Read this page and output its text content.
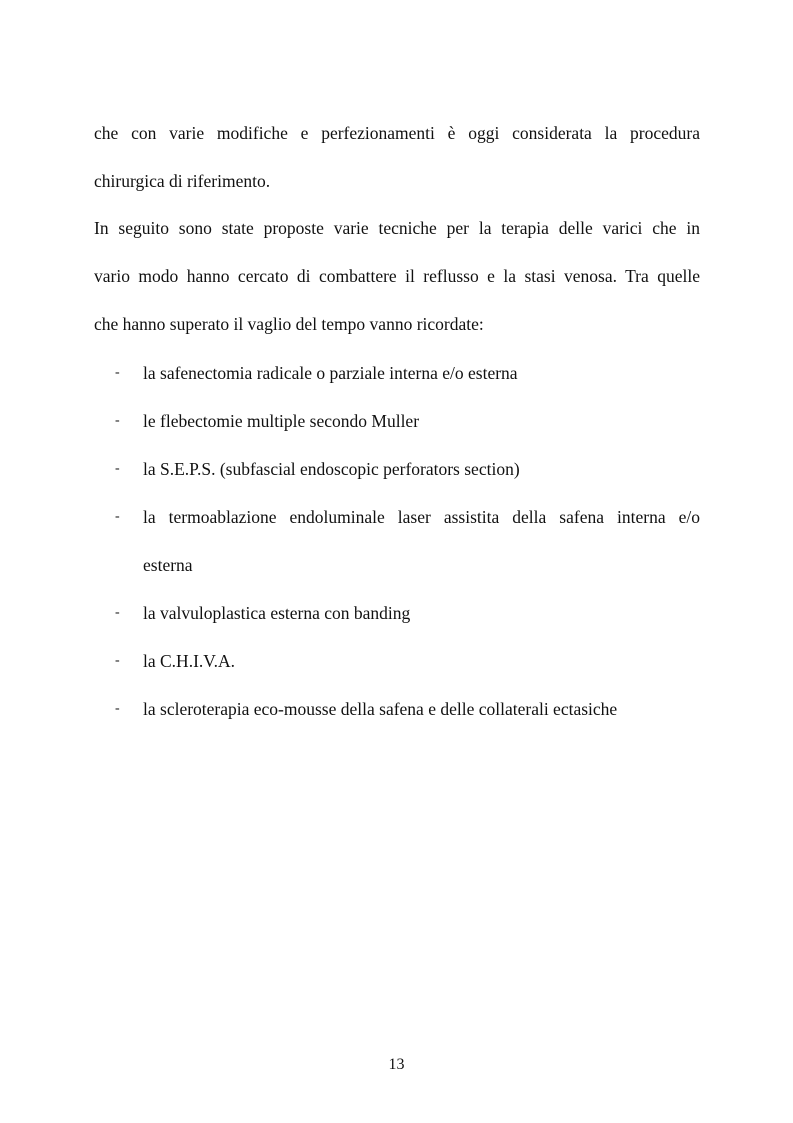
che con varie modifiche e perfezionamenti è oggi considerata la procedura
chirurgica di riferimento.
In seguito sono state proposte varie tecniche per la terapia delle varici che in
vario modo hanno cercato di combattere il reflusso e la stasi venosa. Tra quelle
che hanno superato il vaglio del tempo vanno ricordate:
- la safenectomia radicale o parziale interna e/o esterna
- le flebectomie multiple secondo Muller
- la S.E.P.S. (subfascial endoscopic perforators section)
- la termoablazione endoluminale laser assistita della safena interna e/o
esterna
- la valvuloplastica esterna con banding
- la C.H.I.V.A.
- la scleroterapia eco-mousse della safena e delle collaterali ectasiche
13
